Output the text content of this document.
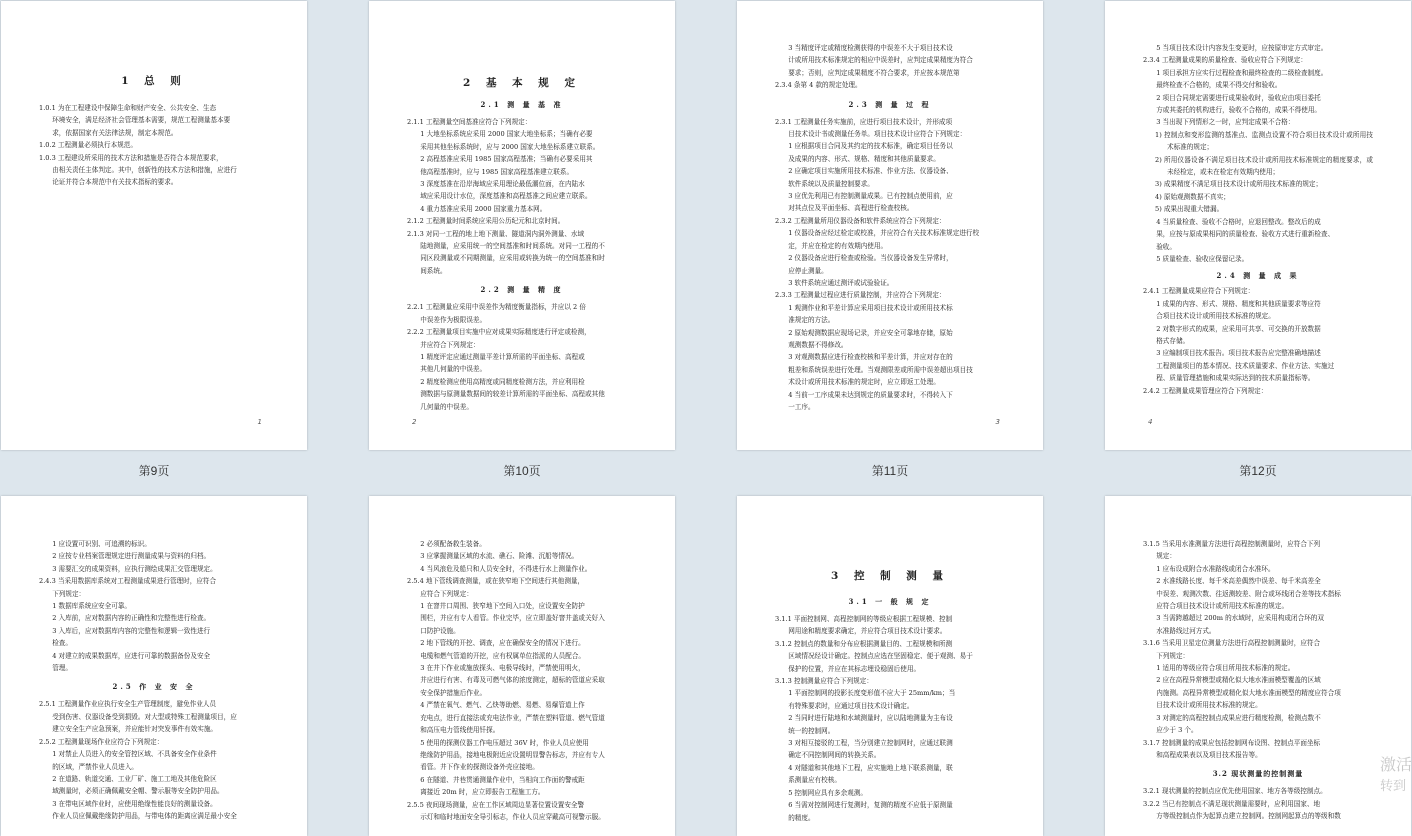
1 总 则

1.0.1 为在工程建设中保障生命和财产安全、公共安全、生态

环境安全，满足经济社会管理基本需要，规范工程测量基本要

求，依据国家有关法律法规，制定本规范。

1.0.2 工程测量必须执行本规范。

1.0.3 工程建设所采用的技术方法和措施是否符合本规范要求，

由相关责任主体判定。其中，创新性的技术方法和措施，应进行

论证并符合本规范中有关技术指标的要求。

1
2 基 本 规 定
2.1 测 量 基 准

2.1.1 工程测量空间基准应符合下列规定：

1 大地坐标系统应采用 2000 国家大地坐标系；当确有必要

采用其他坐标系统时，应与 2000 国家大地坐标系建立联系。

2 高程基准应采用 1985 国家高程基准；当确有必要采用其

他高程基准时，应与 1985 国家高程基准建立联系。

3 深度基准在沿岸海域应采用理论最低潮位面，在内陆水

域应采用设计水位，深度基准和高程基准之间应建立联系。

4 重力基准应采用 2000 国家重力基本网。

2.1.2 工程测量时间系统应采用公历纪元和北京时间。

2.1.3 对同一工程的地上地下测量、隧道洞内洞外测量、水域

陆地测量，应采用统一的空间基准和时间系统。对同一工程的不

同区段测量或不同期测量，应采用或转换为统一的空间基准和时

间系统。

2.2 测 量 精 度

2.2.1 工程测量应采用中误差作为精度衡量指标，并应以 2 倍

中误差作为极限误差。

2.2.2 工程测量项目实施中应对成果实际精度进行评定或检测，

并应符合下列规定：

1 精度评定应通过测量平差计算所需的平面坐标、高程或

其他几何量的中误差。

2 精度检测应使用高精度或同精度检测方法，并应利用检

测数据与原测量数据间的较差计算所需的平面坐标、高程或其他

几何量的中误差。

2

3 当精度评定或精度检测获得的中误差不大于项目技术设

计或所用技术标准规定的相应中误差时，应判定成果精度为符合

要求；否则，应判定成果精度不符合要求，并应按本规范第

2.3.4 条第 4 款的规定处理。

2.3 测 量 过 程

2.3.1 工程测量任务实施前，应进行项目技术设计，并形成项

目技术设计书或测量任务单。项目技术设计应符合下列规定：

1 应根据项目合同及其约定的技术标准，确定项目任务以

及成果的内容、形式、规格、精度和其他质量要求。

2 应确定项目实施所用技术标准、作业方法、仪器设备、

软件系统以及质量控制要求。

3 应优先利用已有控制测量成果。已有控制点使用前，应

对其点位及平面坐标、高程进行检查校核。

2.3.2 工程测量所用仪器设备和软件系统应符合下列规定：

1 仪器设备应经过检定或校准，并应符合有关技术标准规定进行校

定，并应在检定的有效期内使用。

2 仪器设备应进行检查或检验。当仪器设备发生异常时，

应停止测量。

3 软件系统应通过测评或试验验证。

2.3.3 工程测量过程应进行质量控制，并应符合下列规定：

1 观测作业和平差计算应采用项目技术设计或所用技术标

准规定的方法。

2 原始观测数据应现场记录，并应安全可靠地存储，原始

观测数据不得修改。

3 对观测数据应进行检查校核和平差计算，并应对存在的

粗差和系统误差进行处理。当观测限差或所需中误差超出项目技

术设计或所用技术标准的规定时，应立即返工处理。

4 当前一工序成果未达到规定的质量要求时，不得转入下

一工序。

3

5 当项目技术设计内容发生变更时，应按原审定方式审定。

2.3.4 工程测量成果的质量检查、验收应符合下列规定：

1 项目承担方应实行过程检查和最终检查的二级检查制度。

最终检查不合格的，成果不得交付和验收。

2 项目合同规定需要进行成果验收时，验收应由项目委托

方或其委托的机构进行，验收不合格的，成果不得使用。

3 当出现下列情形之一时，应判定成果不合格：

1) 控制点和变形监测的基准点、监测点设置不符合项目技术设计或所用技术标准的规定；

2) 所用仪器设备不满足项目技术设计或所用技术标准规定的精度要求，或未经检定，或未在检定有效期内使用；

3) 成果精度不满足项目技术设计或所用技术标准的规定；

4) 原始观测数据不真实；

5) 成果出现重大错漏。

4 当质量检查、验收不合格时，应退回整改。整改后的成

果，应按与原成果相同的质量检查、验收方式进行重新检查、

验收。

5 质量检查、验收应保留记录。

2.4 测 量 成 果

2.4.1 工程测量成果应符合下列规定：

1 成果的内容、形式、规格、精度和其他质量要求等应符

合项目技术设计或所用技术标准的规定。

2 对数字形式的成果，应采用可共享、可交换的开放数据

格式存储。

3 应编制项目技术报告。项目技术报告应完整准确地描述

工程测量项目的基本情况、技术质量要求、作业方法、实施过

程、质量管理措施和成果实际达到的技术质量指标等。

2.4.2 工程测量成果管理应符合下列规定：

4
第9页	第10页	第11页	第12页

1 应设置可识别、可追溯的标识。

2 应按专业档案管理规定进行测量成果与资料的归档。

3 需要汇交的成果资料，应执行测绘成果汇交管理规定。

2.4.3 当采用数据库系统对工程测量成果进行管理时，应符合

下列规定：

1 数据库系统应安全可靠。

2 入库前，应对数据内容的正确性和完整性进行检查。

3 入库后，应对数据库内容的完整性和逻辑一致性进行

检查。

4 对建立的成果数据库，应进行可靠的数据备份及安全

管理。

2.5 作 业 安 全

2.5.1 工程测量作业应执行安全生产管理制度，避免作业人员

受到伤害、仪器设备受到损毁。对大型或特殊工程测量项目，应

建立安全生产应急预案，并应能针对突发事件有效实施。

2.5.2 工程测量现场作业应符合下列规定：

1 对禁止人员进入的安全管控区域、不具备安全作业条件

的区域，严禁作业人员进入。

2 在道路、轨道交通、工业厂矿、施工工地及其他危险区

域测量时，必须正确佩戴安全帽、警示服等安全防护用品。

3 在带电区域作业时，应使用绝缘性能良好的测量设备。

作业人员应佩戴绝缘防护用品，与带电体的距离应满足最小安全

2 必须配备救生装备。

3 应掌握测量区域的水流、礁石、险滩、沉船等情况。

4 当风浪危及船只和人员安全时，不得进行水上测量作业。

2.5.4 地下管线调查测量，或在狭窄地下空间进行其他测量，

应符合下列规定：

1 在窨井口周围、狭窄地下空间入口处，应设置安全防护

围栏，并应有专人看管。作业完毕，应立即盖好窨井盖或关好入

口防护设施。

2 地下管线的开挖、调查，应在确保安全的情况下进行。

电缆和燃气管道的开挖，应有权属单位指派的人员配合。

3 在井下作业或施放探头、电极导线时，严禁使用明火，

并应进行有害、有毒及可燃气体的浓度测定，超标的管道应采取

安全保护措施后作业。

4 严禁在氧气、燃气、乙炔等助燃、易燃、易爆管道上作

充电点，进行直接法或充电法作业，严禁在塑料管道、燃气管道

和高压电力管线使用钎探。

5 使用的探测仪器工作电压超过 36V 时，作业人员应使用

绝缘防护用品，接地电极附近应设置明显警告标志，并应有专人

看管。井下作业的探测设备外壳应接地。

6 在隧道、井巷贯通测量作业中，当相向工作面的警戒距

离接近 20m 时，应立即报告工程施工方。

2.5.5 夜间现场测量，应在工作区域周边显著位置设置安全警

示灯和临时地面安全导引标志，作业人员应穿戴高可视警示服。

3 控 制 测 量
3.1 一 般 规 定

3.1.1 平面控制网、高程控制网的等级应根据工程规模、控制

网用途和精度要求确定，并应符合项目技术设计要求。

3.1.2 控制点的数量和分布应根据测量目的、工程规模和所测

区域情况经设计确定。控制点应选在坚固稳定、便于观测、易于

保护的位置，并应在其标志埋设稳固后使用。

3.1.3 控制测量应符合下列规定：

1 平面控制网的投影长度变形值不应大于 25mm/km；当

有特殊要求时，应通过项目技术设计确定。

2 当同时进行陆地和水域测量时，应以陆地测量为主布设

统一的控制网。

3 对相互接驳的工程，当分别建立控制网时，应通过联测

确定不同控制网间的转换关系。

4 对隧道和其他地下工程，应实施地上地下联系测量，联

系测量应有校核。

5 控制网应具有多余观测。

6 当需对控制网进行复测时，复测的精度不应低于原测量

的精度。

3.1.5 当采用水准测量方法进行高程控制测量时，应符合下列

规定：

1 应布设成附合水准路线或闭合水准环。

2 水准线路长度、每千米高差偶然中误差、每千米高差全

中误差、观测次数、往返测较差、附合或环线闭合差等技术指标

应符合项目技术设计或所用技术标准的规定。

3 当需跨越超过 200m 的水域时，应采用构成闭合环的双

水准路线过河方式。

3.1.6 当采用卫星定位测量方法进行高程控制测量时，应符合

下列规定：

1 适用的等级应符合项目所用技术标准的规定。

2 应在高程异常模型或精化似大地水准面模型覆盖的区域

内施测。高程异常模型或精化似大地水准面模型的精度应符合项

目技术设计或所用技术标准的规定。

3 对测定的高程控制点成果应进行精度检测，检测点数不

应少于 3 个。

3.1.7 控制测量的成果应包括控制网布设图、控制点平面坐标

和高程成果表以及项目技术报告等。

3.2 现状测量的控制测量

3.2.1 现状测量的控制点应优先使用国家、地方各等级控制点。

3.2.2 当已有控制点不满足现状测量需要时，应利用国家、地

方等级控制点作为起算点建立控制网。控制网起算点的等级和数

激活
转到
